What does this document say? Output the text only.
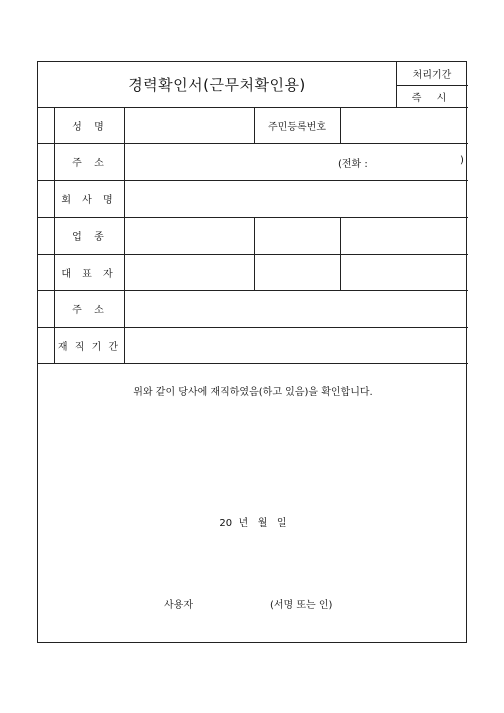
경력확인서(근무처확인용)
처리기간
즉 시
성  명	주민등록번호
주  소	(전화 :	)
회 사 명
업  종
대 표 자
주  소
재 직 기 간
위와 같이 당사에 재직하였음(하고 있음)을 확인합니다.
20  년   월   일
사용자	(서명 또는 인)
